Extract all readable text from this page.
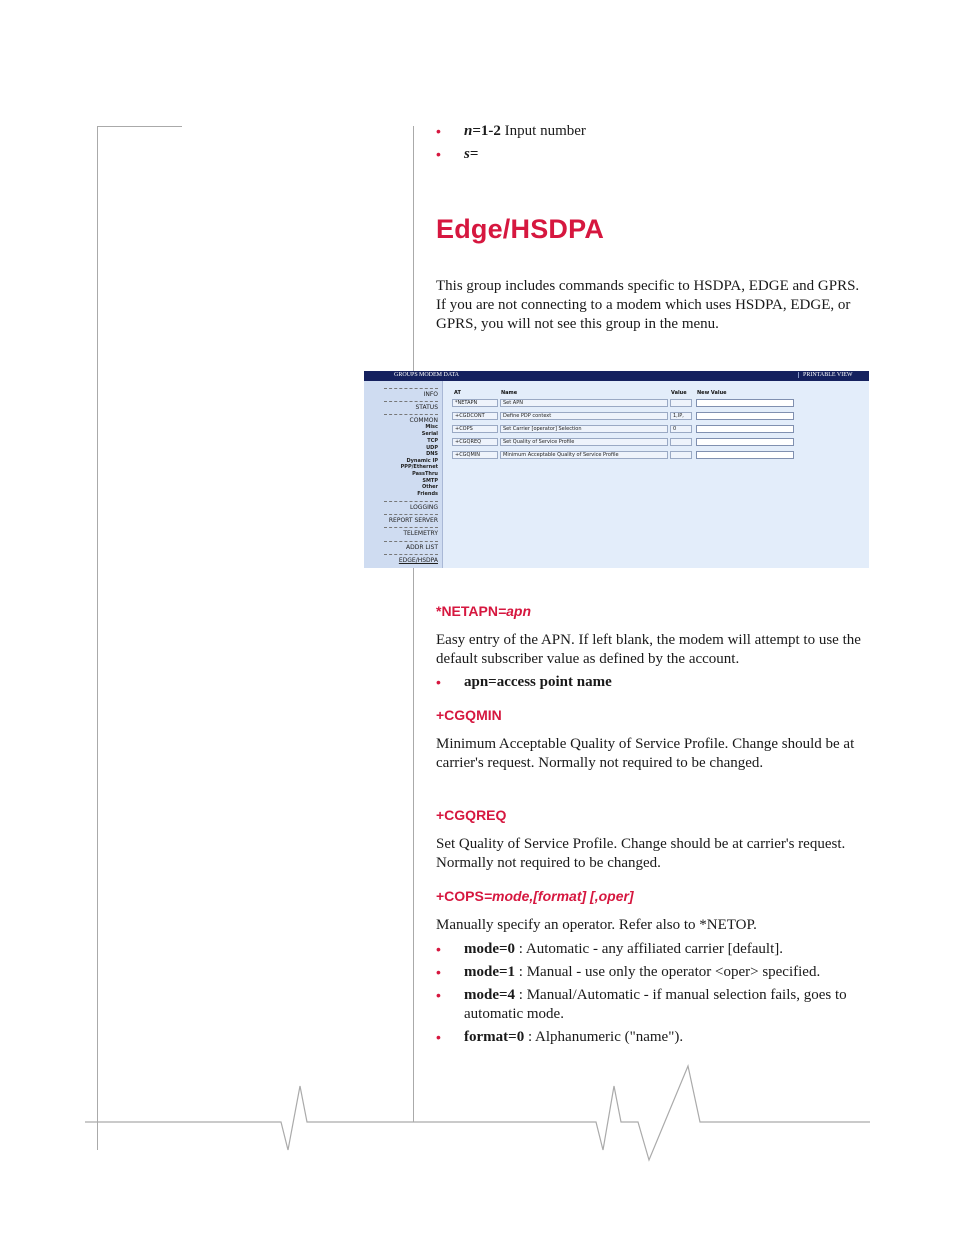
• n=1-2 Input number
• s=
Edge/HSDPA

This group includes commands specific to HSDPA, EDGE and GPRS. If you are not connecting to a modem which uses HSDPA, EDGE, or GPRS, you will not see this group in the menu.

GROUPS MODEM DATA	PRINTABLE VIEW
INFO
STATUS
COMMON
Misc
Serial
TCP
UDP
DNS
Dynamic IP
PPP/Ethernet
PassThru
SMTP
Other
Friends
LOGGING
REPORT SERVER
TELEMETRY
ADDR LIST
EDGE/HSDPA
AT	Name	Value New Value
*NETAPN	Set APN
+CGDCONT	Define PDP context	1,IP,
+COPS	Set Carrier [operator] Selection	0
+CGQREQ	Set Quality of Service Profile
+CGQMIN	Minimum Acceptable Quality of Service Profile
*NETAPN=apn

Easy entry of the APN. If left blank, the modem will attempt to use the default subscriber value as defined by the account.

• apn=access point name
+CGQMIN

Minimum Acceptable Quality of Service Profile. Change should be at carrier's request. Normally not required to be changed.

+CGQREQ

Set Quality of Service Profile. Change should be at carrier's request. Normally not required to be changed.

+COPS=mode,[format] [,oper]

Manually specify an operator. Refer also to *NETOP.

• mode=0 : Automatic - any affiliated carrier [default].
• mode=1 : Manual - use only the operator <oper> specified.
• mode=4 : Manual/Automatic - if manual selection fails, goes to automatic mode.
• format=0 : Alphanumeric ("name").
